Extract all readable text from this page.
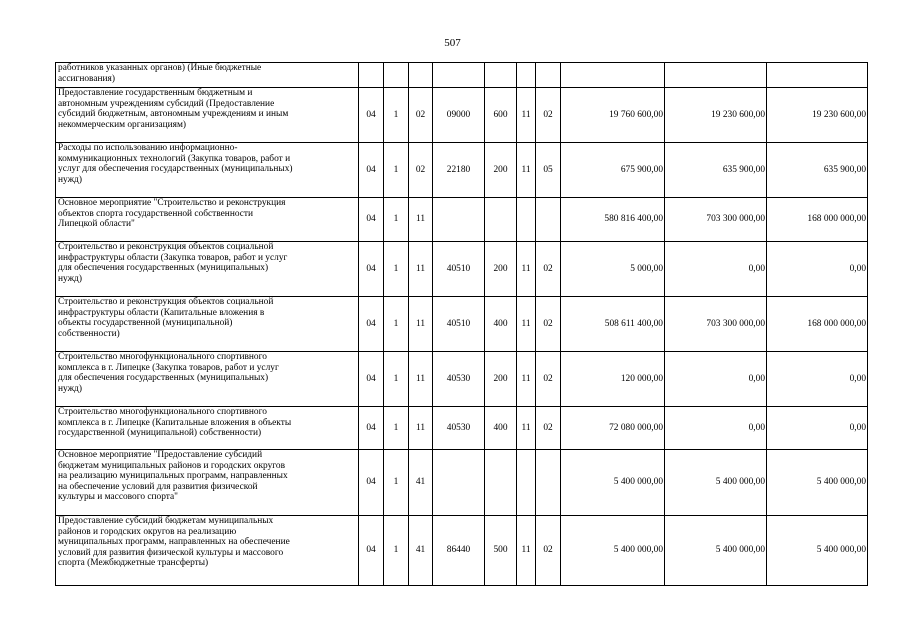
507
работников указанных органов) (Иные бюджетные
ассигнования)										
Предоставление государственным бюджетным и
автономным учреждениям субсидий (Предоставление
субсидий бюджетным, автономным учреждениям и иным
некоммерческим организациям)	04	1	02	09000	600	11	02	19 760 600,00	19 230 600,00	19 230 600,00
Расходы по использованию информационно-
коммуникационных технологий (Закупка товаров, работ и
услуг для обеспечения государственных (муниципальных)
нужд)	04	1	02	22180	200	11	05	675 900,00	635 900,00	635 900,00
Основное мероприятие "Строительство и реконструкция
объектов спорта государственной собственности
Липецкой области"	04	1	11					580 816 400,00	703 300 000,00	168 000 000,00
Строительство и реконструкция объектов социальной
инфраструктуры области (Закупка товаров, работ и услуг
для обеспечения государственных (муниципальных)
нужд)	04	1	11	40510	200	11	02	5 000,00	0,00	0,00
Строительство и реконструкция объектов социальной
инфраструктуры области (Капитальные вложения в
объекты государственной (муниципальной)
собственности)	04	1	11	40510	400	11	02	508 611 400,00	703 300 000,00	168 000 000,00
Строительство многофункционального спортивного
комплекса в г. Липецке (Закупка товаров, работ и услуг
для обеспечения государственных (муниципальных)
нужд)	04	1	11	40530	200	11	02	120 000,00	0,00	0,00
Строительство многофункционального спортивного
комплекса в г. Липецке (Капитальные вложения в объекты
государственной (муниципальной) собственности)	04	1	11	40530	400	11	02	72 080 000,00	0,00	0,00
Основное мероприятие "Предоставление субсидий
бюджетам муниципальных районов и городских округов
на реализацию муниципальных программ, направленных
на обеспечение условий для развития физической
культуры и массового спорта"	04	1	41					5 400 000,00	5 400 000,00	5 400 000,00
Предоставление субсидий бюджетам муниципальных
районов и городских округов на реализацию
муниципальных программ, направленных на обеспечение
условий для развития физической культуры и массового
спорта (Межбюджетные трансферты)	04	1	41	86440	500	11	02	5 400 000,00	5 400 000,00	5 400 000,00
